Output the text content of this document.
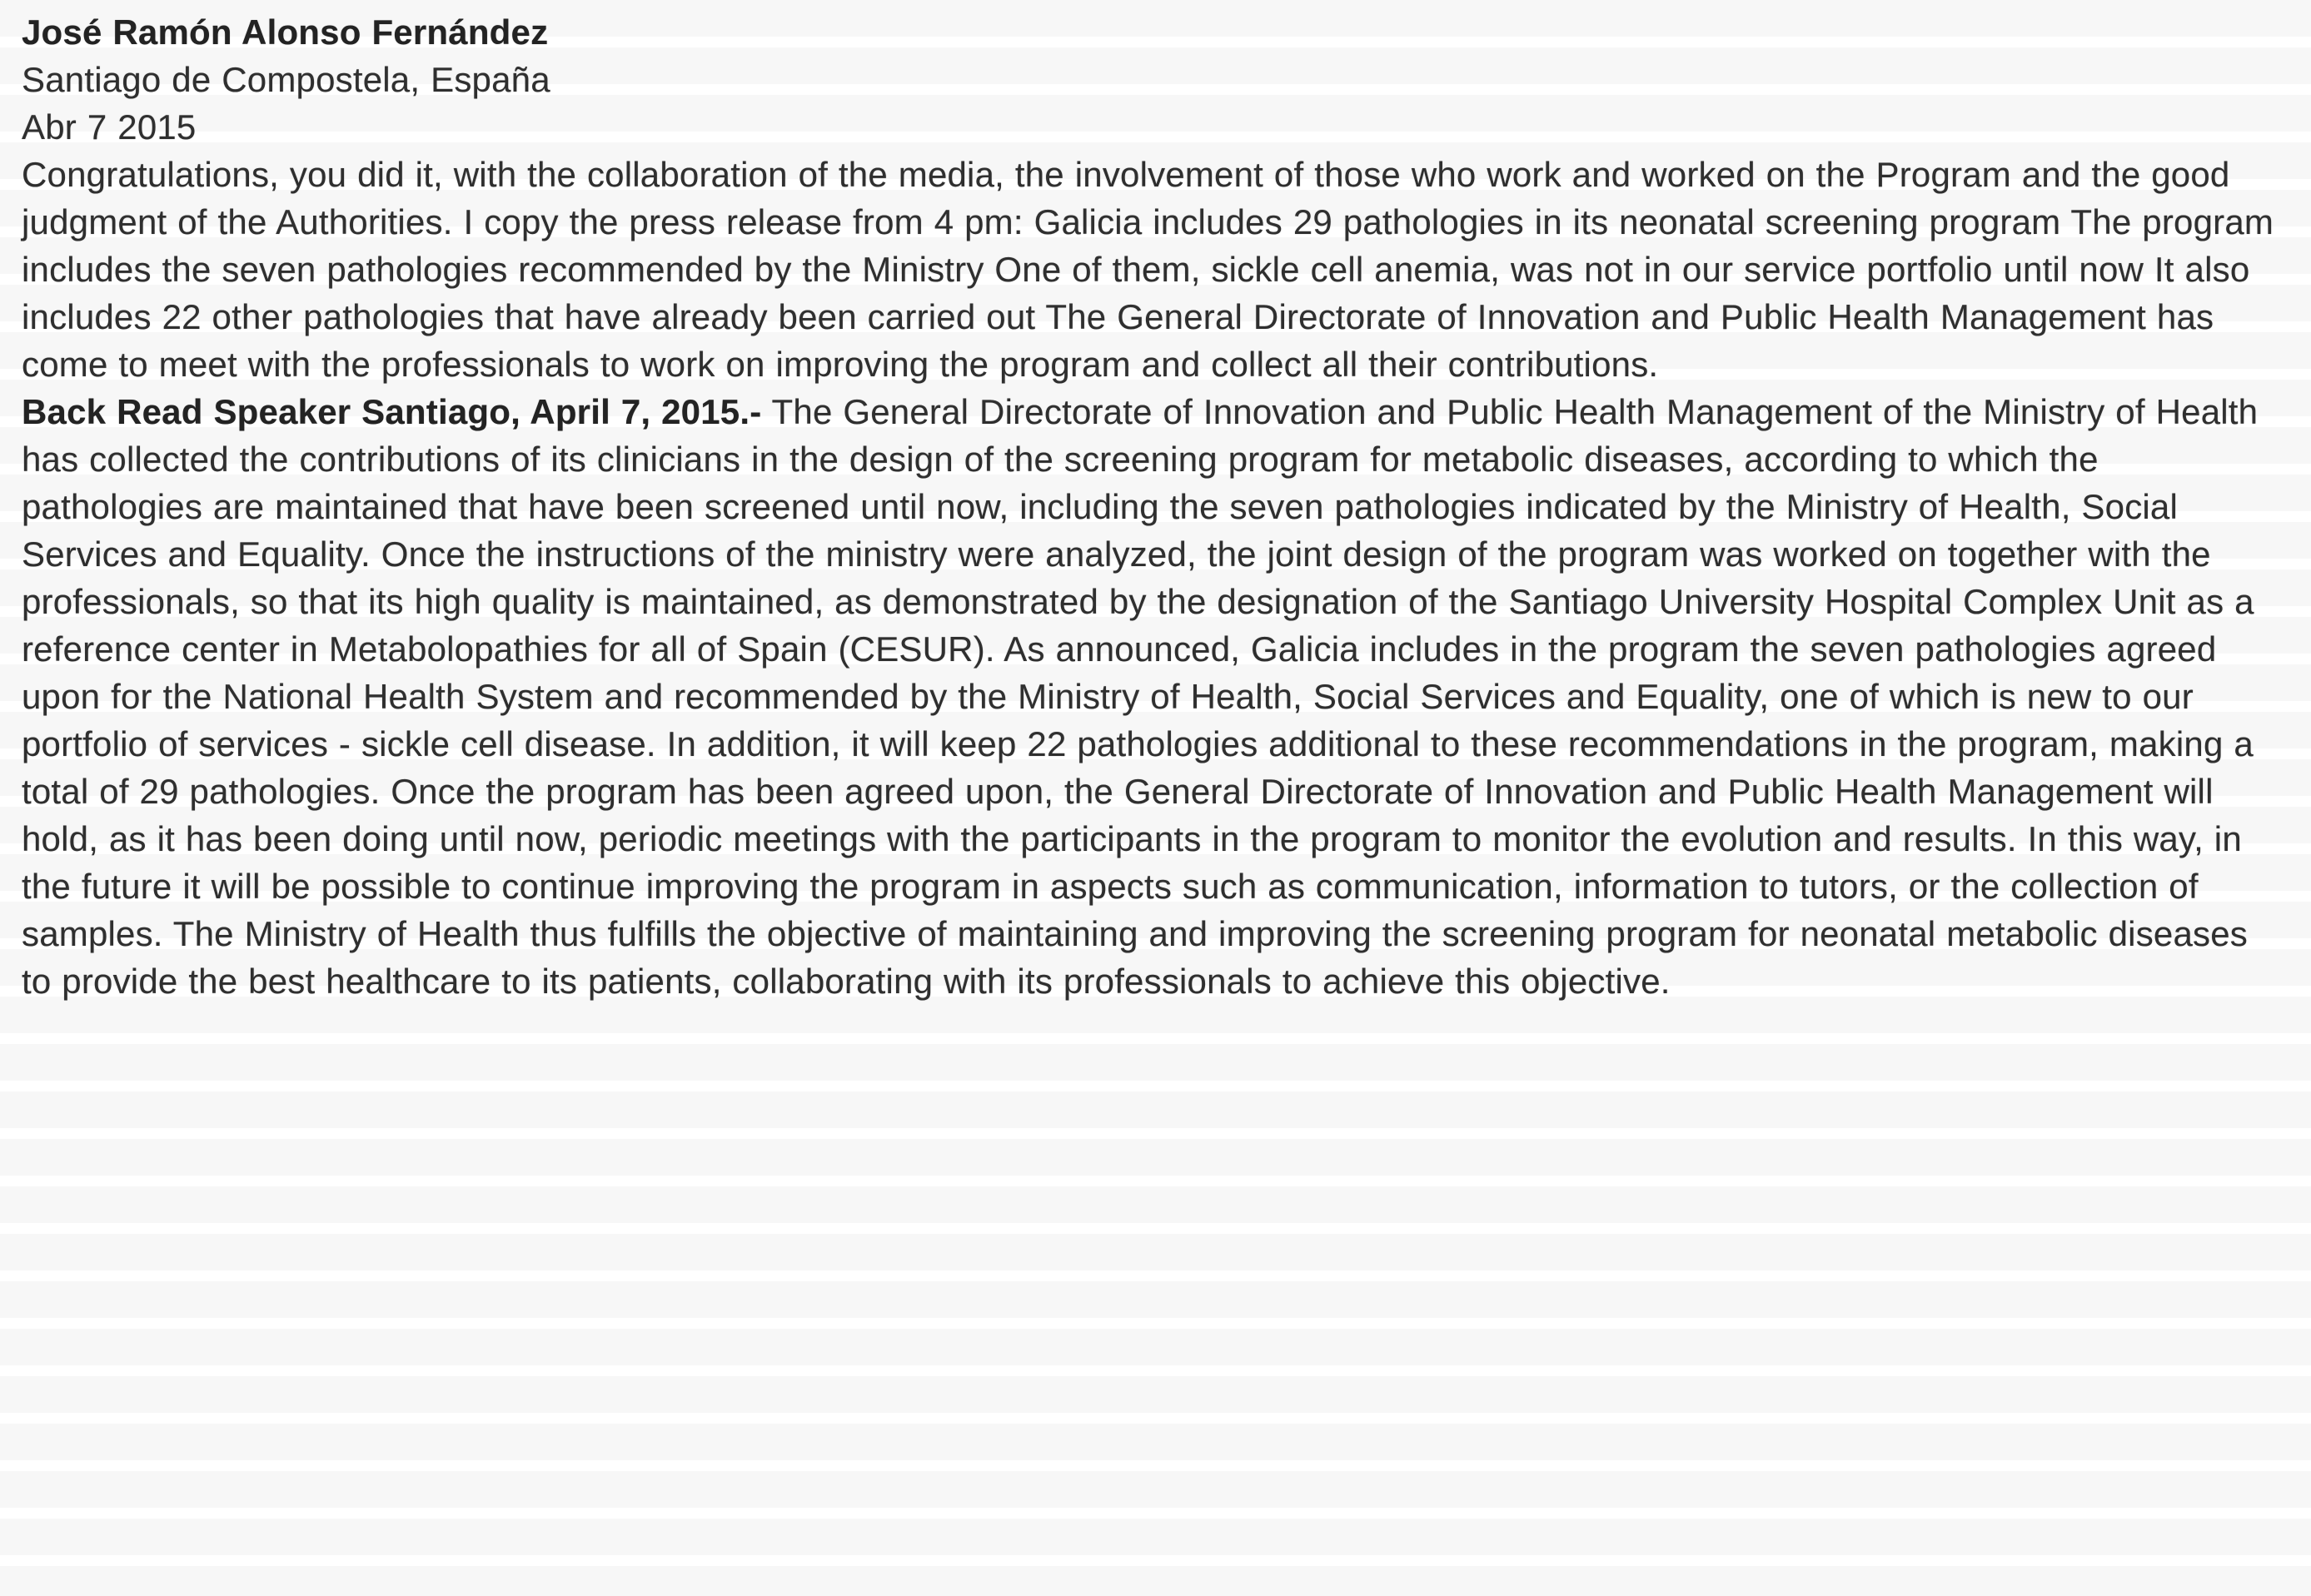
José Ramón Alonso Fernández

Santiago de Compostela, España

Abr 7 2015

Congratulations, you did it, with the collaboration of the media, the involvement of those who work and worked on the Program and the good judgment of the Authorities. I copy the press release from 4 pm: Galicia includes 29 pathologies in its neonatal screening program The program includes the seven pathologies recommended by the Ministry One of them, sickle cell anemia, was not in our service portfolio until now It also includes 22 other pathologies that have already been carried out The General Directorate of Innovation and Public Health Management has come to meet with the professionals to work on improving the program and collect all their contributions.

Back Read Speaker Santiago, April 7, 2015.- The General Directorate of Innovation and Public Health Management of the Ministry of Health has collected the contributions of its clinicians in the design of the screening program for metabolic diseases, according to which the pathologies are maintained that have been screened until now, including the seven pathologies indicated by the Ministry of Health, Social Services and Equality. Once the instructions of the ministry were analyzed, the joint design of the program was worked on together with the professionals, so that its high quality is maintained, as demonstrated by the designation of the Santiago University Hospital Complex Unit as a reference center in Metabolopathies for all of Spain (CESUR). As announced, Galicia includes in the program the seven pathologies agreed upon for the National Health System and recommended by the Ministry of Health, Social Services and Equality, one of which is new to our portfolio of services - sickle cell disease. In addition, it will keep 22 pathologies additional to these recommendations in the program, making a total of 29 pathologies. Once the program has been agreed upon, the General Directorate of Innovation and Public Health Management will hold, as it has been doing until now, periodic meetings with the participants in the program to monitor the evolution and results. In this way, in the future it will be possible to continue improving the program in aspects such as communication, information to tutors, or the collection of samples. The Ministry of Health thus fulfills the objective of maintaining and improving the screening program for neonatal metabolic diseases to provide the best healthcare to its patients, collaborating with its professionals to achieve this objective.
